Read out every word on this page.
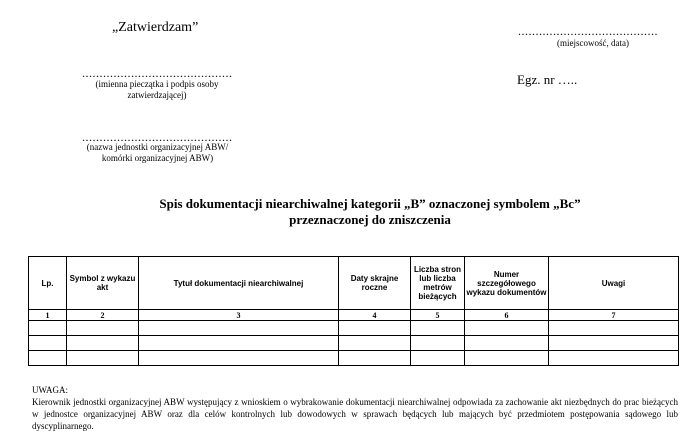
„Zatwierdzam”	........................................
(miejscowość, data)
...........................................
(imienna pieczątka i podpis osoby zatwierdzającej)
Egz. nr …..
...........................................
(nazwa jednostki organizacyjnej ABW/ komórki organizacyjnej ABW)
Spis dokumentacji niearchiwalnej kategorii „B” oznaczonej symbolem „Bc”
przeznaczonej do zniszczenia
Lp.	Symbol z wykazu akt	Tytuł dokumentacji niearchiwalnej	Daty skrajne roczne	Liczba stron lub liczba metrów bieżących	Numer szczegółowego wykazu dokumentów	Uwagi
1	2	3	4	5	6	7

UWAGA:
Kierownik jednostki organizacyjnej ABW występujący z wnioskiem o wybrakowanie dokumentacji niearchiwalnej odpowiada za zachowanie akt niezbędnych do prac bieżących w jednostce organizacyjnej ABW oraz dla celów kontrolnych lub dowodowych w sprawach będących lub mających być przedmiotem postępowania sądowego lub dyscyplinarnego.
